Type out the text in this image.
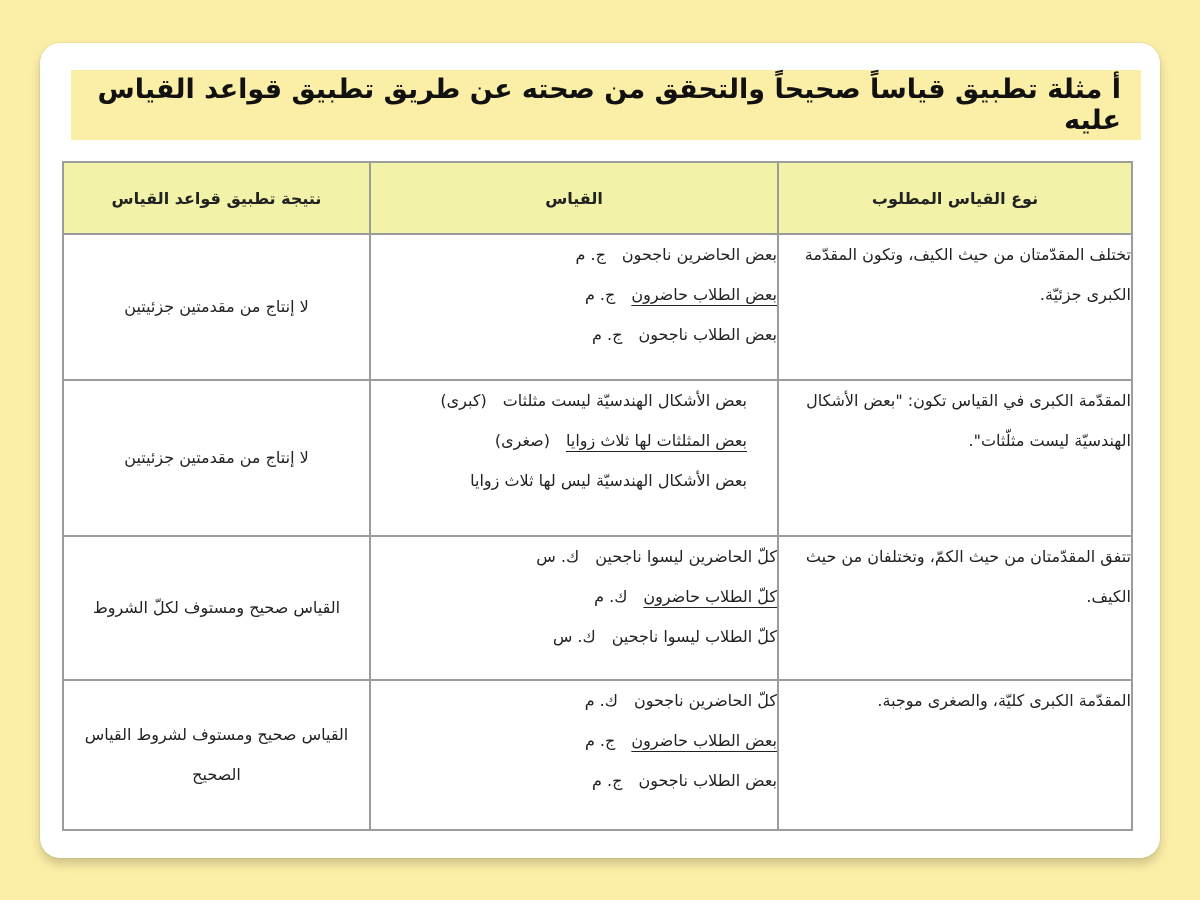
أ مثلة تطبيق قياساً صحيحاً والتحقق من صحته عن طريق تطبيق قواعد القياس عليه
نوع القياس المطلوب	القياس	نتيجة تطبيق قواعد القياس
تختلف المقدّمتان من حيث الكيف، وتكون المقدّمة الكبرى جزئيّة.	بعض الحاضرين ناجحونج. م
بعض الطلاب حاضرونج. م
بعض الطلاب ناجحونج. م	لا إنتاج من مقدمتين جزئيتين

المقدّمة الكبرى في القياس تكون: "بعض الأشكال الهندسيّة ليست مثلّثات".	بعض الأشكال الهندسيّة ليست مثلثات(كبرى)
بعض المثلثات لها ثلاث زوايا(صغرى)
بعض الأشكال الهندسيّة ليس لها ثلاث زوايا	لا إنتاج من مقدمتين جزئيتين

تتفق المقدّمتان من حيث الكمّ، وتختلفان من حيث الكيف.	كلّ الحاضرين ليسوا ناجحينك. س
كلّ الطلاب حاضرونك. م
كلّ الطلاب ليسوا ناجحينك. س	القياس صحيح ومستوف لكلّ الشروط

المقدّمة الكبرى كليّة، والصغرى موجبة.	كلّ الحاضرين ناجحونك. م
بعض الطلاب حاضرونج. م
بعض الطلاب ناجحونج. م	القياس صحيح ومستوف لشروط القياس الصحيح
